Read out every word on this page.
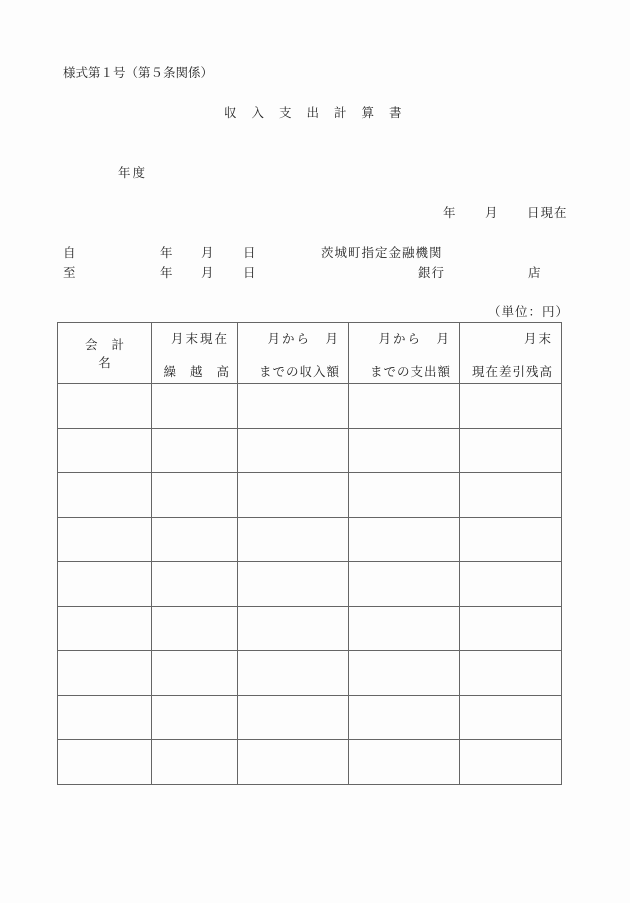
様式第１号（第５条関係）
収入支出計算書
年度
年 月 日現在
自	年 月 日	茨城町指定金融機関
至	年 月 日	銀行	店
（単位：円）
会計名

月末現在
繰越高

月から　月
までの収入額

月から　月
までの支出額

月末
現在差引残高
